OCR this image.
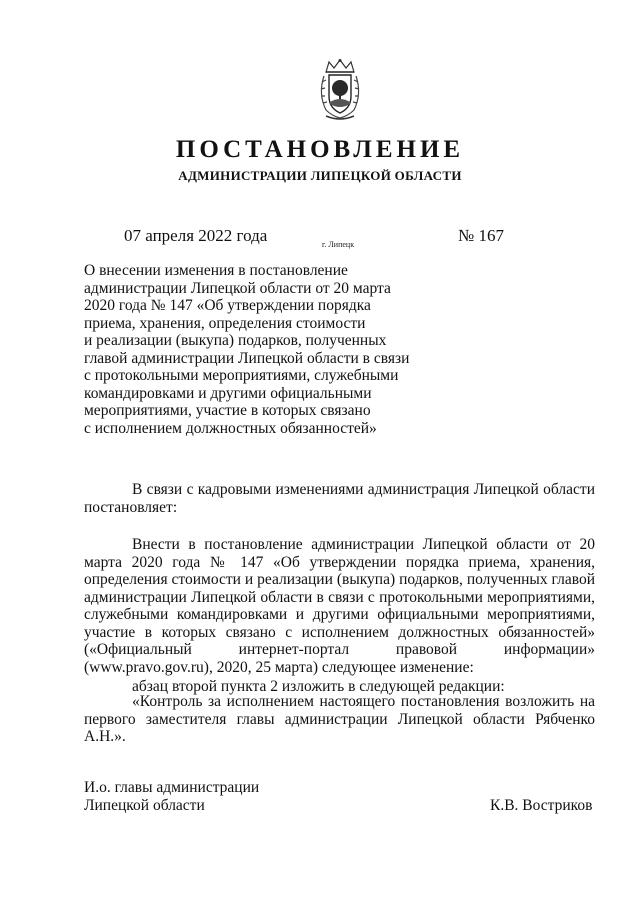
ПОСТАНОВЛЕНИЕ
АДМИНИСТРАЦИИ ЛИПЕЦКОЙ ОБЛАСТИ
07 апреля 2022 года	г. Липецк	№ 167
О внесении изменения в постановление
администрации Липецкой области от 20 марта
2020 года № 147 «Об утверждении порядка
приема, хранения, определения стоимости
и реализации (выкупа) подарков, полученных
главой администрации Липецкой области в связи
с протокольными мероприятиями, служебными
командировками и другими официальными
мероприятиями, участие в которых связано
с исполнением должностных обязанностей»

В связи с кадровыми изменениями администрация Липецкой области постановляет:

Внести в постановление администрации Липецкой области от 20 марта 2020 года № 147 «Об утверждении порядка приема, хранения, определения стоимости и реализации (выкупа) подарков, полученных главой администрации Липецкой области в связи с протокольными мероприятиями, служебными командировками и другими официальными мероприятиями, участие в которых связано с исполнением должностных обязанностей» («Официальный интернет-портал правовой информации» (www.pravo.gov.ru), 2020, 25 марта) следующее изменение:

абзац второй пункта 2 изложить в следующей редакции:

«Контроль за исполнением настоящего постановления возложить на первого заместителя главы администрации Липецкой области Рябченко А.Н.».

И.о. главы администрации
Липецкой области	К.В. Востриков
